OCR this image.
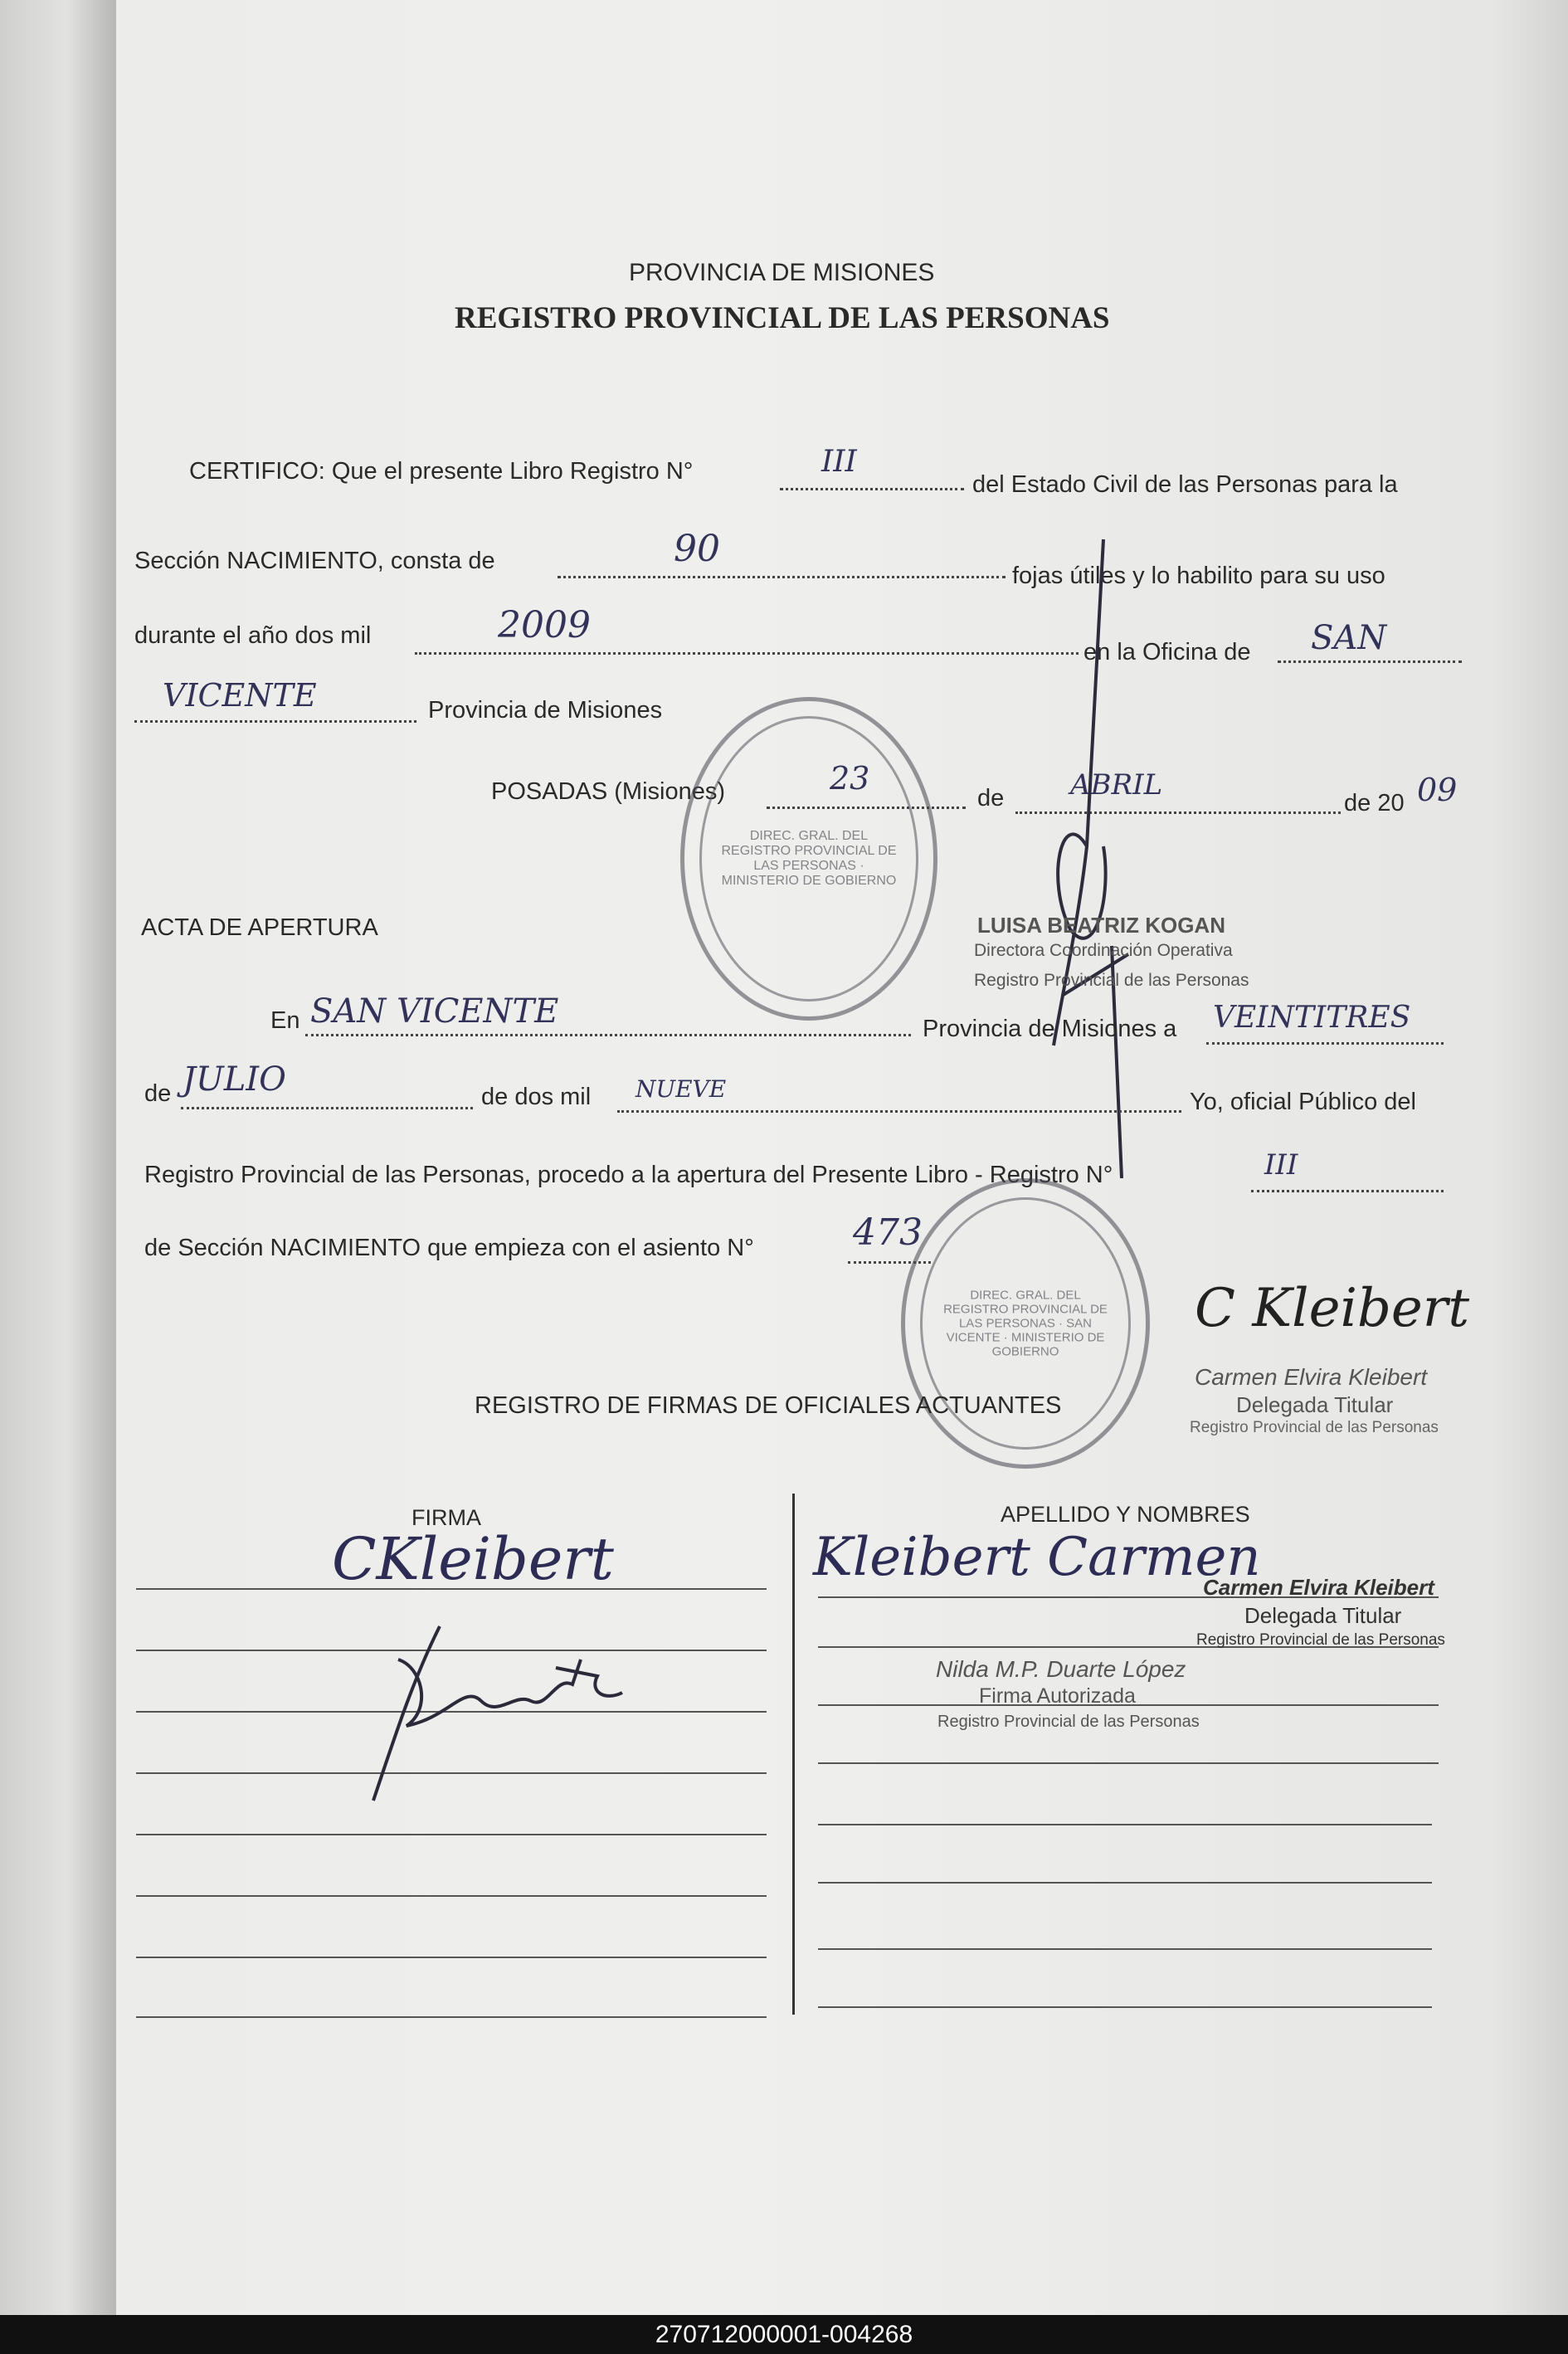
PROVINCIA DE MISIONES
REGISTRO PROVINCIAL DE LAS PERSONAS
CERTIFICO: Que el presente Libro Registro N°	III
del Estado Civil de las Personas para la
Sección NACIMIENTO, consta de	90
fojas útiles y lo habilito para su uso
durante el año dos mil	2009
en la Oficina de SAN
VICENTE	Provincia de Misiones
POSADAS (Misiones)	23
de ABRIL
de 20 09
LUISA BEATRIZ KOGAN
Directora Coordinación Operativa
Registro Provincial de las Personas
DIREC. GRAL. DEL REGISTRO PROVINCIAL DE LAS PERSONAS · MINISTERIO DE GOBIERNO
ACTA DE APERTURA
En SAN VICENTE	Provincia de Misiones a VEINTITRES
de JULIO	de dos mil NUEVE	Yo, oficial Público del
Registro Provincial de las Personas, procedo a la apertura del Presente Libro - Registro N°	III
de Sección NACIMIENTO que empieza con el asiento N°	473
DIREC. GRAL. DEL REGISTRO PROVINCIAL DE LAS PERSONAS · SAN VICENTE · MINISTERIO DE GOBIERNO
C Kleibert
Carmen Elvira Kleibert
Delegada Titular
Registro Provincial de las Personas
REGISTRO DE FIRMAS DE OFICIALES ACTUANTES
FIRMA	APELLIDO Y NOMBRES
CKleibert	Kleibert Carmen
Carmen Elvira Kleibert
Delegada Titular
Registro Provincial de las Personas
Nilda M.P. Duarte López
Firma Autorizada
Registro Provincial de las Personas
270712000001-004268
